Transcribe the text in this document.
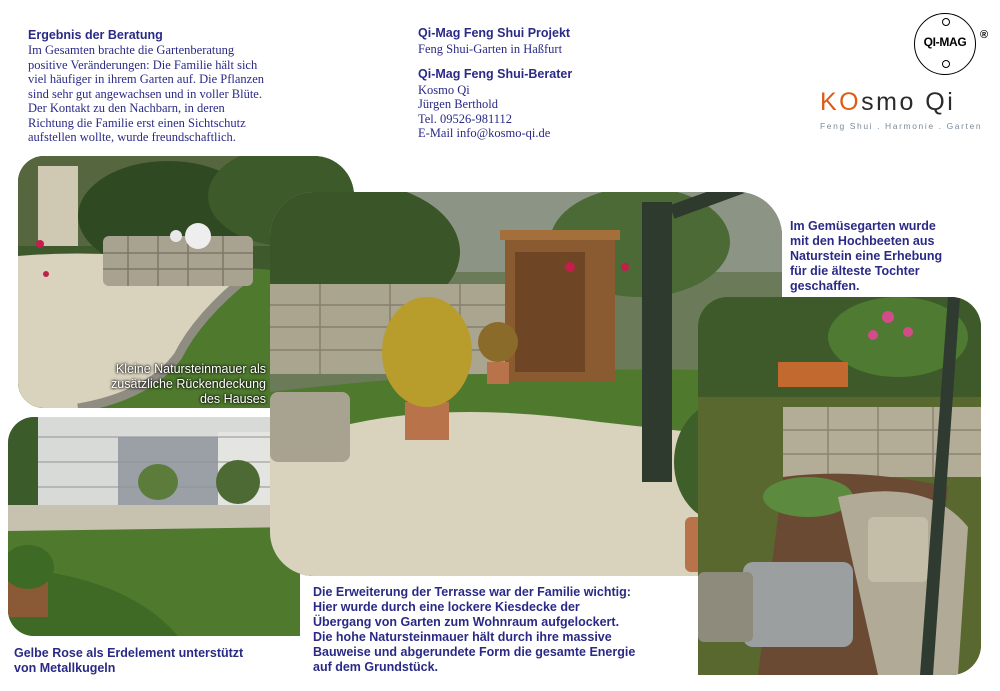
Ergebnis der Beratung
Im Gesamten brachte die Gartenberatung
positive Veränderungen: Die Familie hält sich
viel häufiger in ihrem Garten auf. Die Pflanzen
sind sehr gut angewachsen und in voller Blüte.
Der Kontakt zu den Nachbarn, in deren
Richtung die Familie erst einen Sichtschutz
aufstellen wollte, wurde freundschaftlich.
Qi-Mag Feng Shui Projekt
Feng Shui-Garten in Haßfurt
Qi-Mag Feng Shui-Berater
Kosmo Qi
Jürgen Berthold
Tel. 09526-981112
E-Mail info@kosmo-qi.de
QI-MAG	®
KOsmo Qi
Feng Shui . Harmonie . Garten
Kleine Natursteinmauer als
zusätzliche Rückendeckung
des Hauses
Im Gemüsegarten wurde
mit den Hochbeeten aus
Naturstein eine Erhebung
für die älteste Tochter
geschaffen.
Die Erweiterung der Terrasse war der Familie wichtig:
Hier wurde durch eine lockere Kiesdecke der
Übergang von Garten zum Wohnraum aufgelockert.
Die hohe Natursteinmauer hält durch ihre massive
Bauweise und abgerundete Form die gesamte Energie
auf dem Grundstück.
Gelbe Rose als Erdelement unterstützt
von Metallkugeln
